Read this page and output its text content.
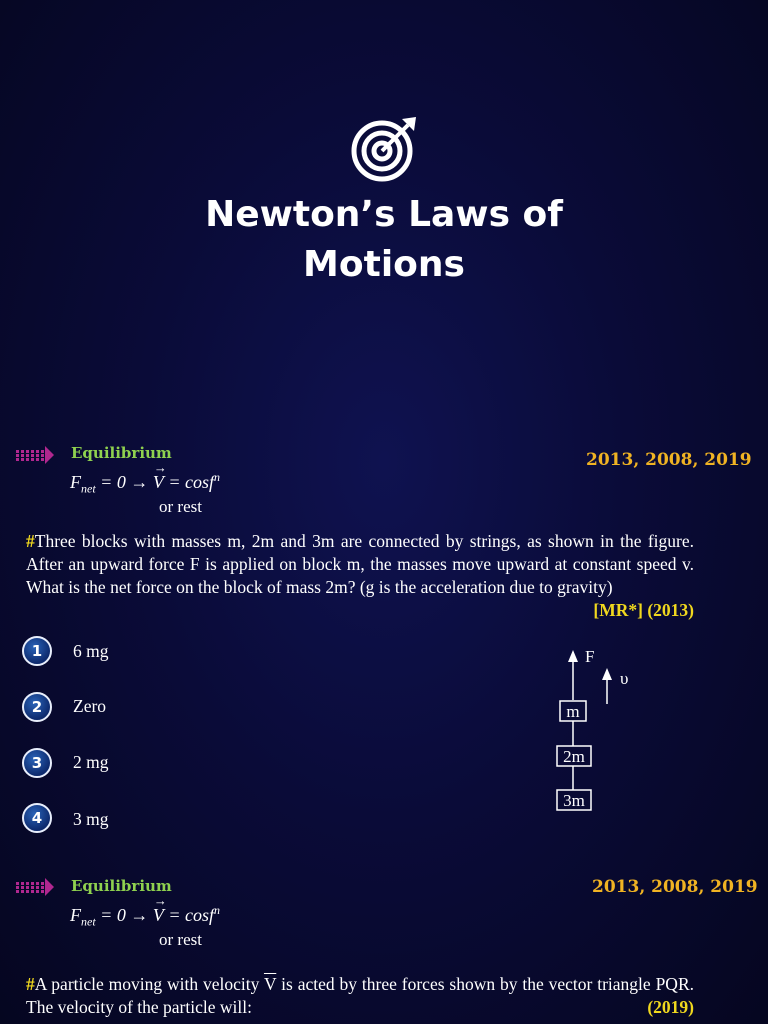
Newton’s Laws of
Motions
Equilibrium	2013, 2008, 2019
$F_{net} = 0 \to V$
→
= cosf$^n$
or rest
#Three blocks with masses m, 2m and 3m are connected by strings, as shown in the figure. After an upward force F is applied on block m, the masses move upward at constant speed v. What is the net force on the block of mass 2m? (g is the acceleration due to gravity)
[MR*] (2013)
1	6 mg
2	Zero
3	2 mg
4	3 mg
F
υ
m
2m
3m
Equilibrium	2013, 2008, 2019
$F_{net} = 0 \to V$
→
= cosf$^n$
or rest
#A particle moving with velocity $\overline{V}$ is acted by three forces shown by the vector triangle PQR. The velocity of the particle will:	(2019)
